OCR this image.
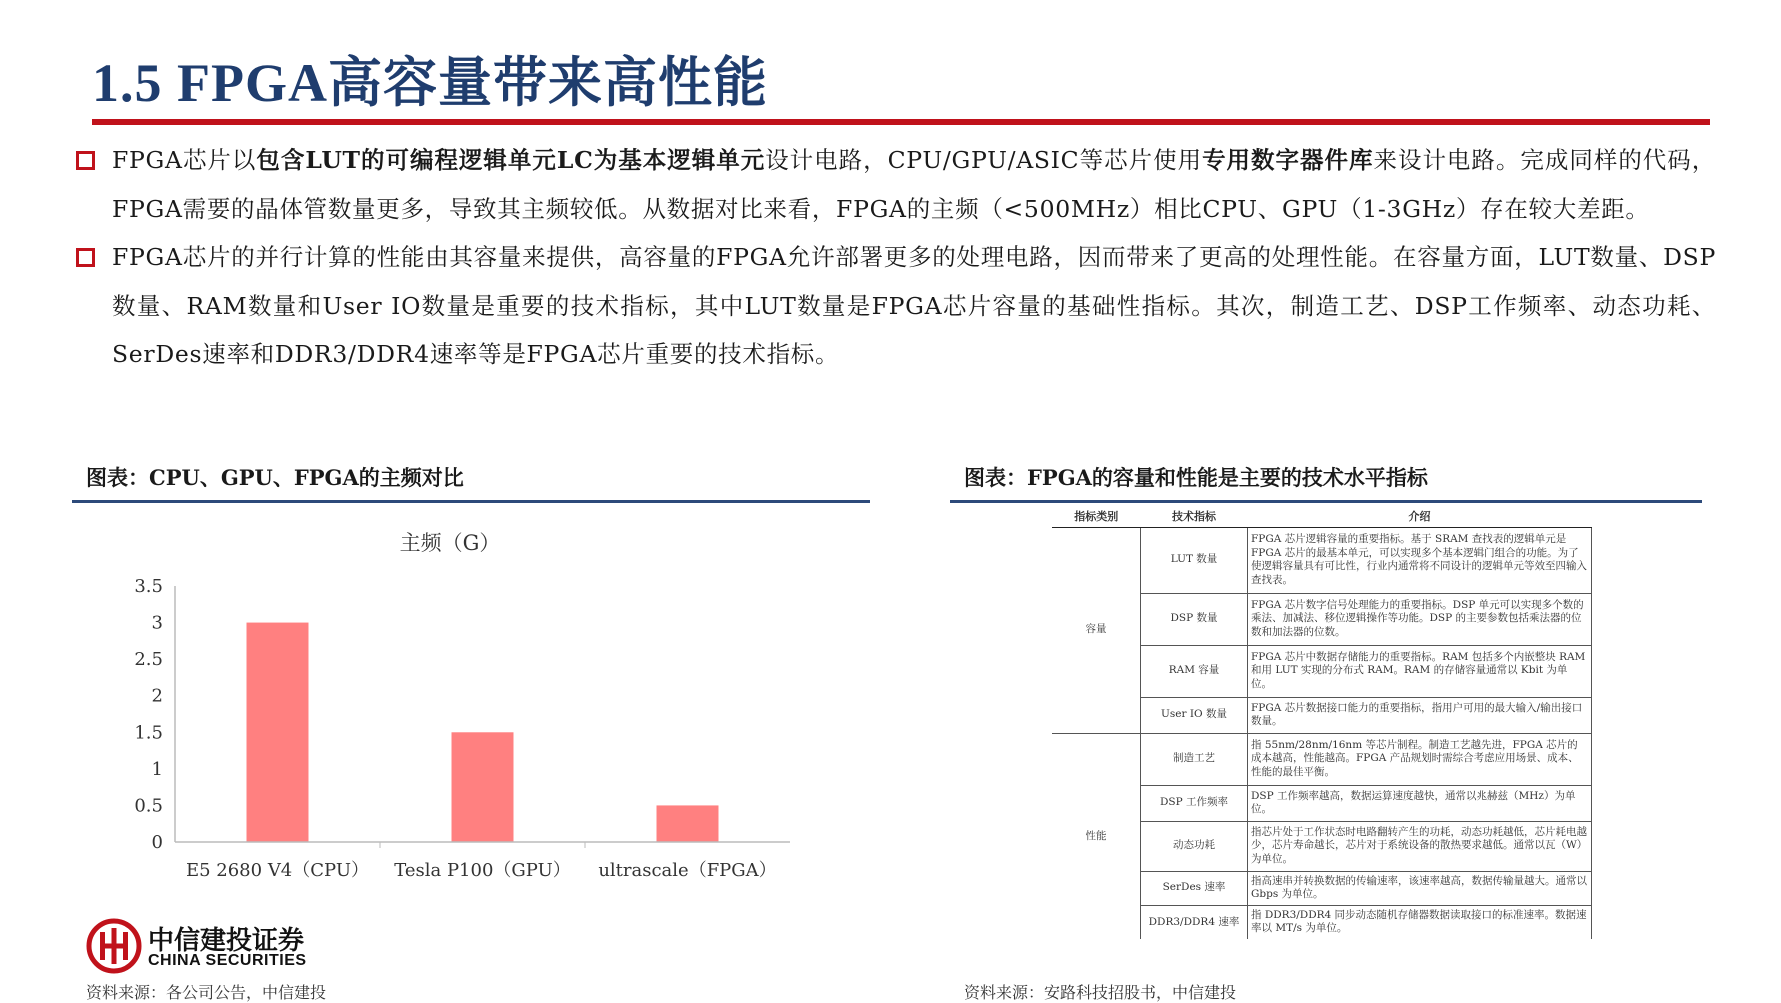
1.5 FPGA高容量带来高性能
FPGA芯片以包含LUT的可编程逻辑单元LC为基本逻辑单元设计电路，CPU/GPU/ASIC等芯片使用专用数字器件库来设计电路。完成同样的代码，FPGA需要的晶体管数量更多，导致其主频较低。从数据对比来看，FPGA的主频（<500MHz）相比CPU、GPU（1-3GHz）存在较大差距。
FPGA芯片的并行计算的性能由其容量来提供，高容量的FPGA允许部署更多的处理电路，因而带来了更高的处理性能。在容量方面，LUT数量、DSP数量、RAM数量和User IO数量是重要的技术指标，其中LUT数量是FPGA芯片容量的基础性指标。其次，制造工艺、DSP工作频率、动态功耗、SerDes速率和DDR3/DDR4速率等是FPGA芯片重要的技术指标。
图表：CPU、GPU、FPGA的主频对比
主频（G）
0
0.5
1
1.5
2
2.5
3
3.5
E5 2680 V4（CPU） Tesla P100（GPU） ultrascale（FPGA）
图表：FPGA的容量和性能是主要的技术水平指标
指标类别	技术指标	介绍
容量	LUT 数量	FPGA 芯片逻辑容量的重要指标。基于 SRAM 查找表的逻辑单元是 FPGA 芯片的最基本单元，可以实现多个基本逻辑门组合的功能。为了使逻辑容量具有可比性，行业内通常将不同设计的逻辑单元等效至四输入查找表。
	DSP 数量	FPGA 芯片数字信号处理能力的重要指标。DSP 单元可以实现多个数的乘法、加减法、移位逻辑操作等功能。DSP 的主要参数包括乘法器的位数和加法器的位数。
	RAM 容量	FPGA 芯片中数据存储能力的重要指标。RAM 包括多个内嵌整块 RAM 和用 LUT 实现的分布式 RAM。RAM 的存储容量通常以 Kbit 为单位。
	User IO 数量	FPGA 芯片数据接口能力的重要指标，指用户可用的最大输入/输出接口数量。
性能	制造工艺	指 55nm/28nm/16nm 等芯片制程。制造工艺越先进，FPGA 芯片的成本越高，性能越高。FPGA 产品规划时需综合考虑应用场景、成本、性能的最佳平衡。
	DSP 工作频率	DSP 工作频率越高，数据运算速度越快，通常以兆赫兹（MHz）为单位。
	动态功耗	指芯片处于工作状态时电路翻转产生的功耗，动态功耗越低，芯片耗电越少，芯片寿命越长，芯片对于系统设备的散热要求越低。通常以瓦（W）为单位。
	SerDes 速率	指高速串并转换数据的传输速率，该速率越高，数据传输量越大。通常以 Gbps 为单位。
	DDR3/DDR4 速率	指 DDR3/DDR4 同步动态随机存储器数据读取接口的标准速率。数据速率以 MT/s 为单位。
中信建投证券
CHINA SECURITIES
资料来源：各公司公告，中信建投	资料来源：安路科技招股书，中信建投
